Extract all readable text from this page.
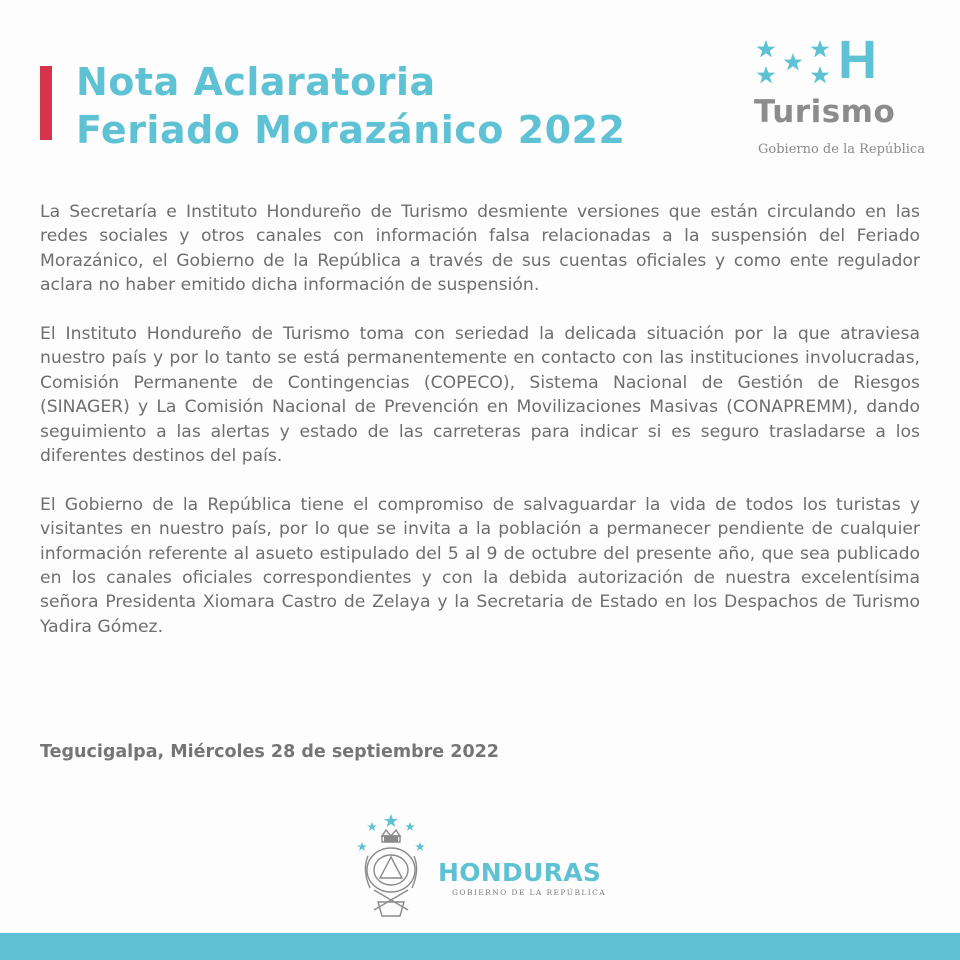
Nota Aclaratoria
Feriado Morazánico 2022
H
Turismo
Gobierno de la República

La Secretaría e Instituto Hondureño de Turismo desmiente versiones que están circulando en las redes sociales y otros canales con información falsa relacionadas a la suspensión del Feriado Morazánico, el Gobierno de la República a través de sus cuentas oficiales y como ente regulador aclara no haber emitido dicha información de suspensión.

El Instituto Hondureño de Turismo toma con seriedad la delicada situación por la que atraviesa nuestro país y por lo tanto se está permanentemente en contacto con las instituciones involucradas, Comisión Permanente de Contingencias (COPECO), Sistema Nacional de Gestión de Riesgos (SINAGER) y La Comisión Nacional de Prevención en Movilizaciones Masivas (CONAPREMM), dando seguimiento a las alertas y estado de las carreteras para indicar si es seguro trasladarse a los diferentes destinos del país.

El Gobierno de la República tiene el compromiso de salvaguardar la vida de todos los turistas y visitantes en nuestro país, por lo que se invita a la población a permanecer pendiente de cualquier información referente al asueto estipulado del 5 al 9 de octubre del presente año, que sea publicado en los canales oficiales correspondientes y con la debida autorización de nuestra excelentísima señora Presidenta Xiomara Castro de Zelaya y la Secretaria de Estado en los Despachos de Turismo Yadira Gómez.

Tegucigalpa, Miércoles 28 de septiembre 2022
HONDURAS
GOBIERNO DE LA REPÚBLICA
